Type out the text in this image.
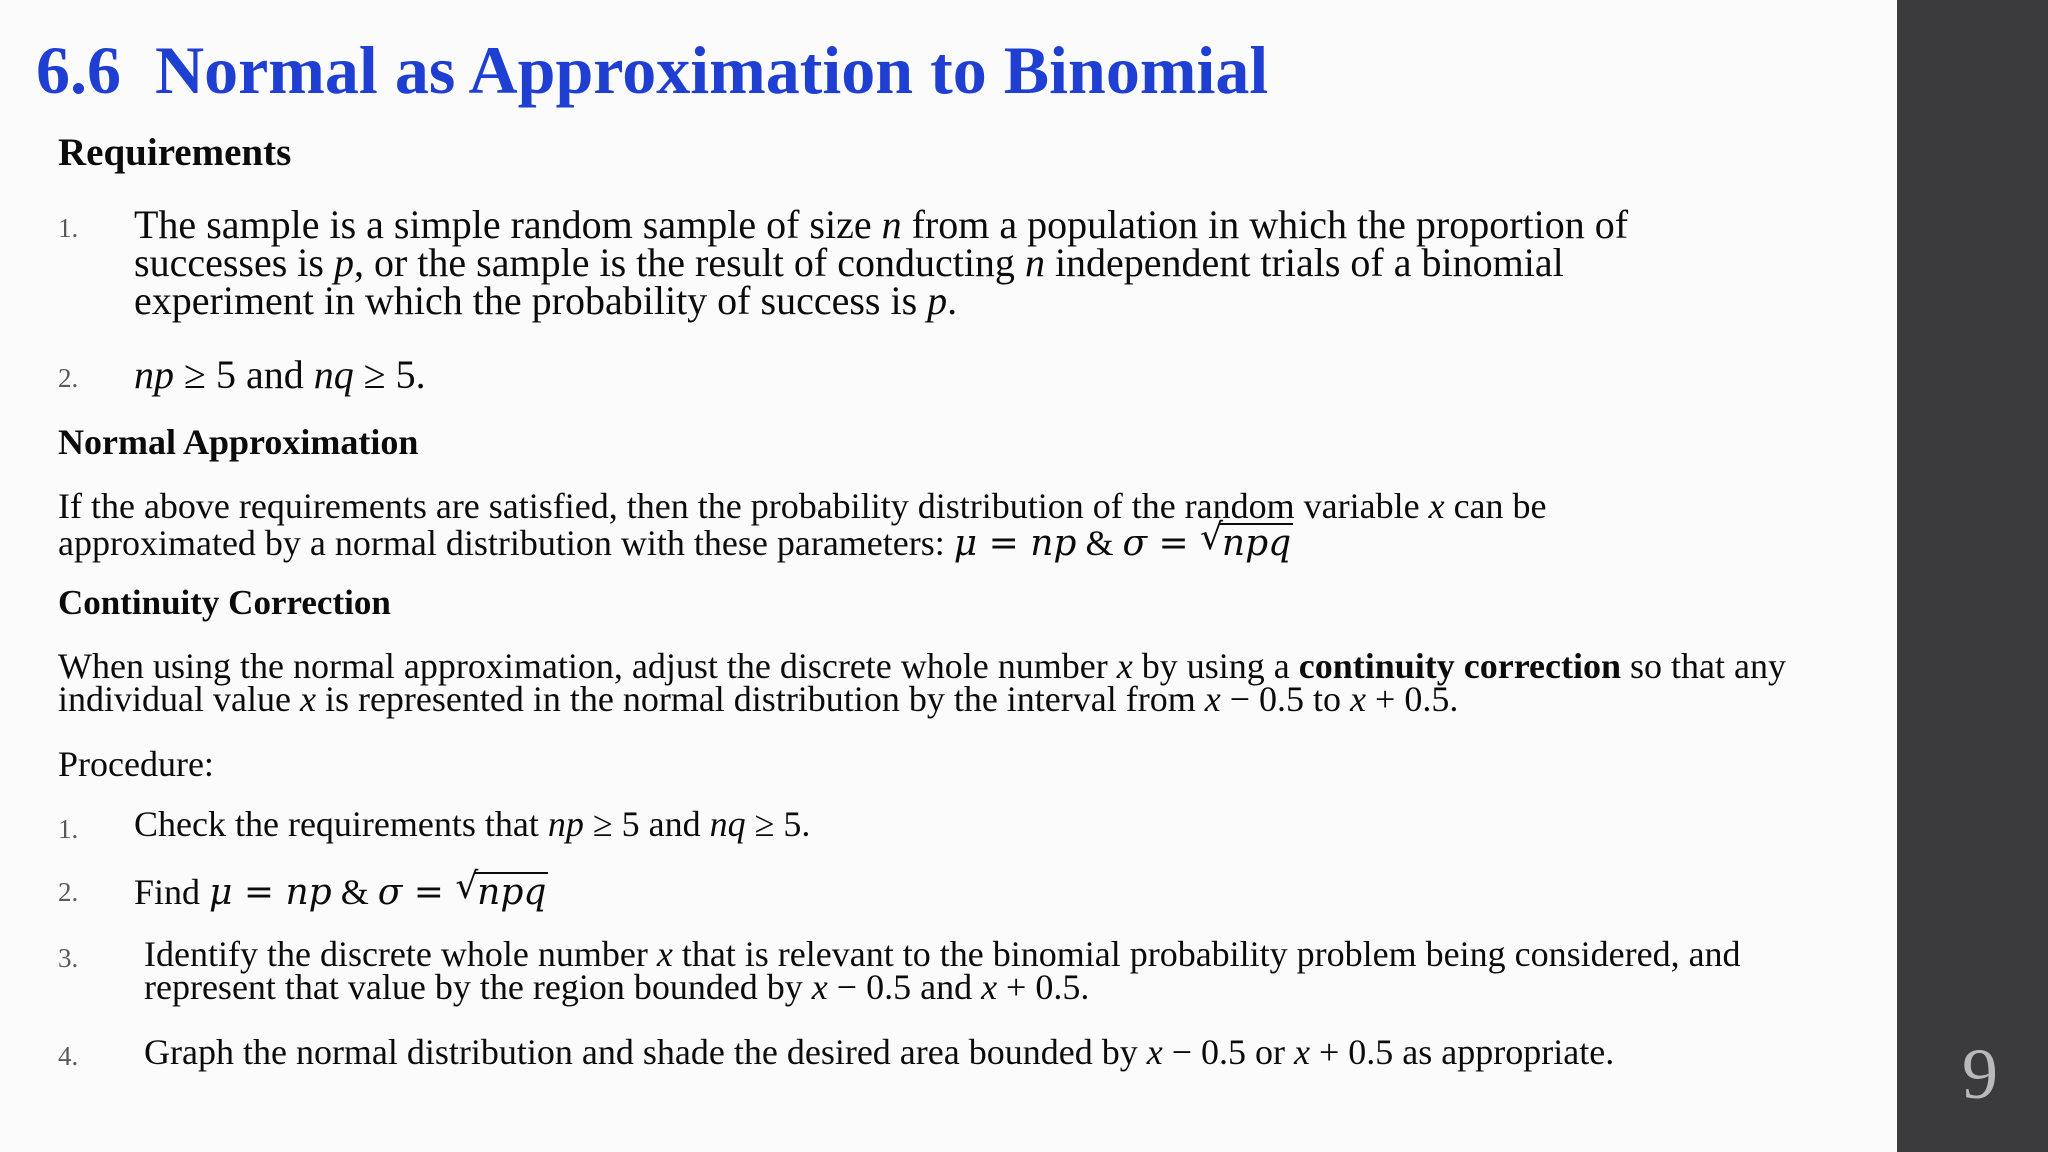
9
6.6 Normal as Approximation to Binomial
Requirements
1. The sample is a simple random sample of size n from a population in which the proportion of
successes is p, or the sample is the result of conducting n independent trials of a binomial
experiment in which the probability of success is p.
2. np ≥ 5 and nq ≥ 5.
Normal Approximation
If the above requirements are satisfied, then the probability distribution of the random variable x can be
approximated by a normal distribution with these parameters: μ = np & σ = √
npq
Continuity Correction
When using the normal approximation, adjust the discrete whole number x by using a continuity correction so that any
individual value x is represented in the normal distribution by the interval from x − 0.5 to x + 0.5.
Procedure:
1. Check the requirements that np ≥ 5 and nq ≥ 5.
2. Find μ = np & σ = √
npq
3. Identify the discrete whole number x that is relevant to the binomial probability problem being considered, and
represent that value by the region bounded by x − 0.5 and x + 0.5.
4. Graph the normal distribution and shade the desired area bounded by x − 0.5 or x + 0.5 as appropriate.
